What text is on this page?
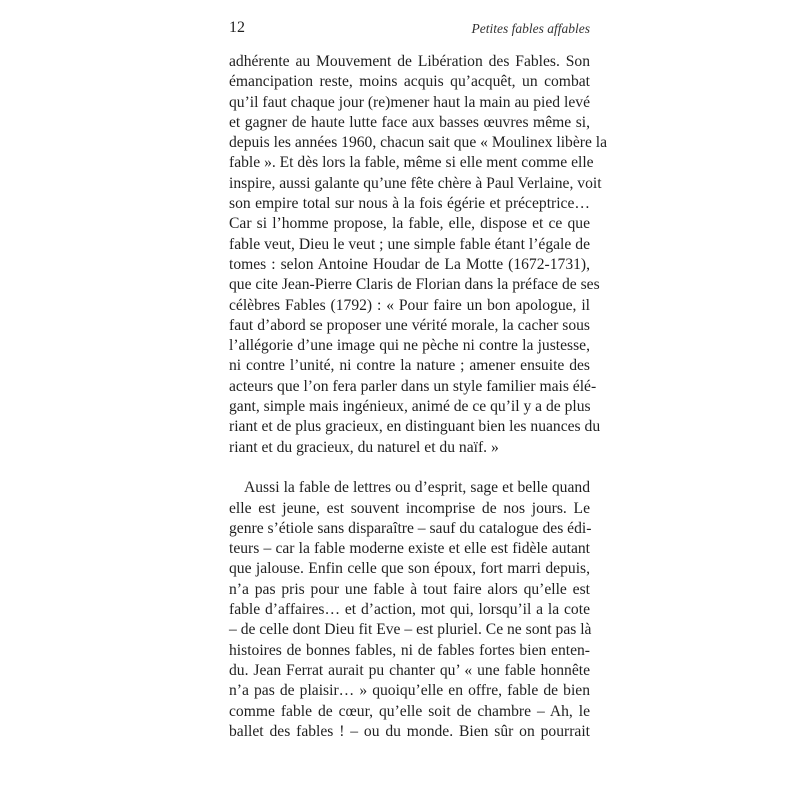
12	Petites fables affables

adhérente au Mouvement de Libération des Fables. Son
émancipation reste, moins acquis qu’acquêt, un combat
qu’il faut chaque jour (re)mener haut la main au pied levé
et gagner de haute lutte face aux basses œuvres même si,
depuis les années 1960, chacun sait que « Moulinex libère la
fable ». Et dès lors la fable, même si elle ment comme elle
inspire, aussi galante qu’une fête chère à Paul Verlaine, voit
son empire total sur nous à la fois égérie et préceptrice…
Car si l’homme propose, la fable, elle, dispose et ce que
fable veut, Dieu le veut ; une simple fable étant l’égale de
tomes : selon Antoine Houdar de La Motte (1672-1731),
que cite Jean-Pierre Claris de Florian dans la préface de ses
célèbres Fables (1792) : « Pour faire un bon apologue, il
faut d’abord se proposer une vérité morale, la cacher sous
l’allégorie d’une image qui ne pèche ni contre la justesse,
ni contre l’unité, ni contre la nature ; amener ensuite des
acteurs que l’on fera parler dans un style familier mais élé-
gant, simple mais ingénieux, animé de ce qu’il y a de plus
riant et de plus gracieux, en distinguant bien les nuances du
riant et du gracieux, du naturel et du naïf. »

Aussi la fable de lettres ou d’esprit, sage et belle quand
elle est jeune, est souvent incomprise de nos jours. Le
genre s’étiole sans disparaître – sauf du catalogue des édi-
teurs – car la fable moderne existe et elle est fidèle autant
que jalouse. Enfin celle que son époux, fort marri depuis,
n’a pas pris pour une fable à tout faire alors qu’elle est
fable d’affaires… et d’action, mot qui, lorsqu’il a la cote
– de celle dont Dieu fit Eve – est pluriel. Ce ne sont pas là
histoires de bonnes fables, ni de fables fortes bien enten-
du. Jean Ferrat aurait pu chanter qu’ « une fable honnête
n’a pas de plaisir… » quoiqu’elle en offre, fable de bien
comme fable de cœur, qu’elle soit de chambre – Ah, le
ballet des fables ! – ou du monde. Bien sûr on pourrait
